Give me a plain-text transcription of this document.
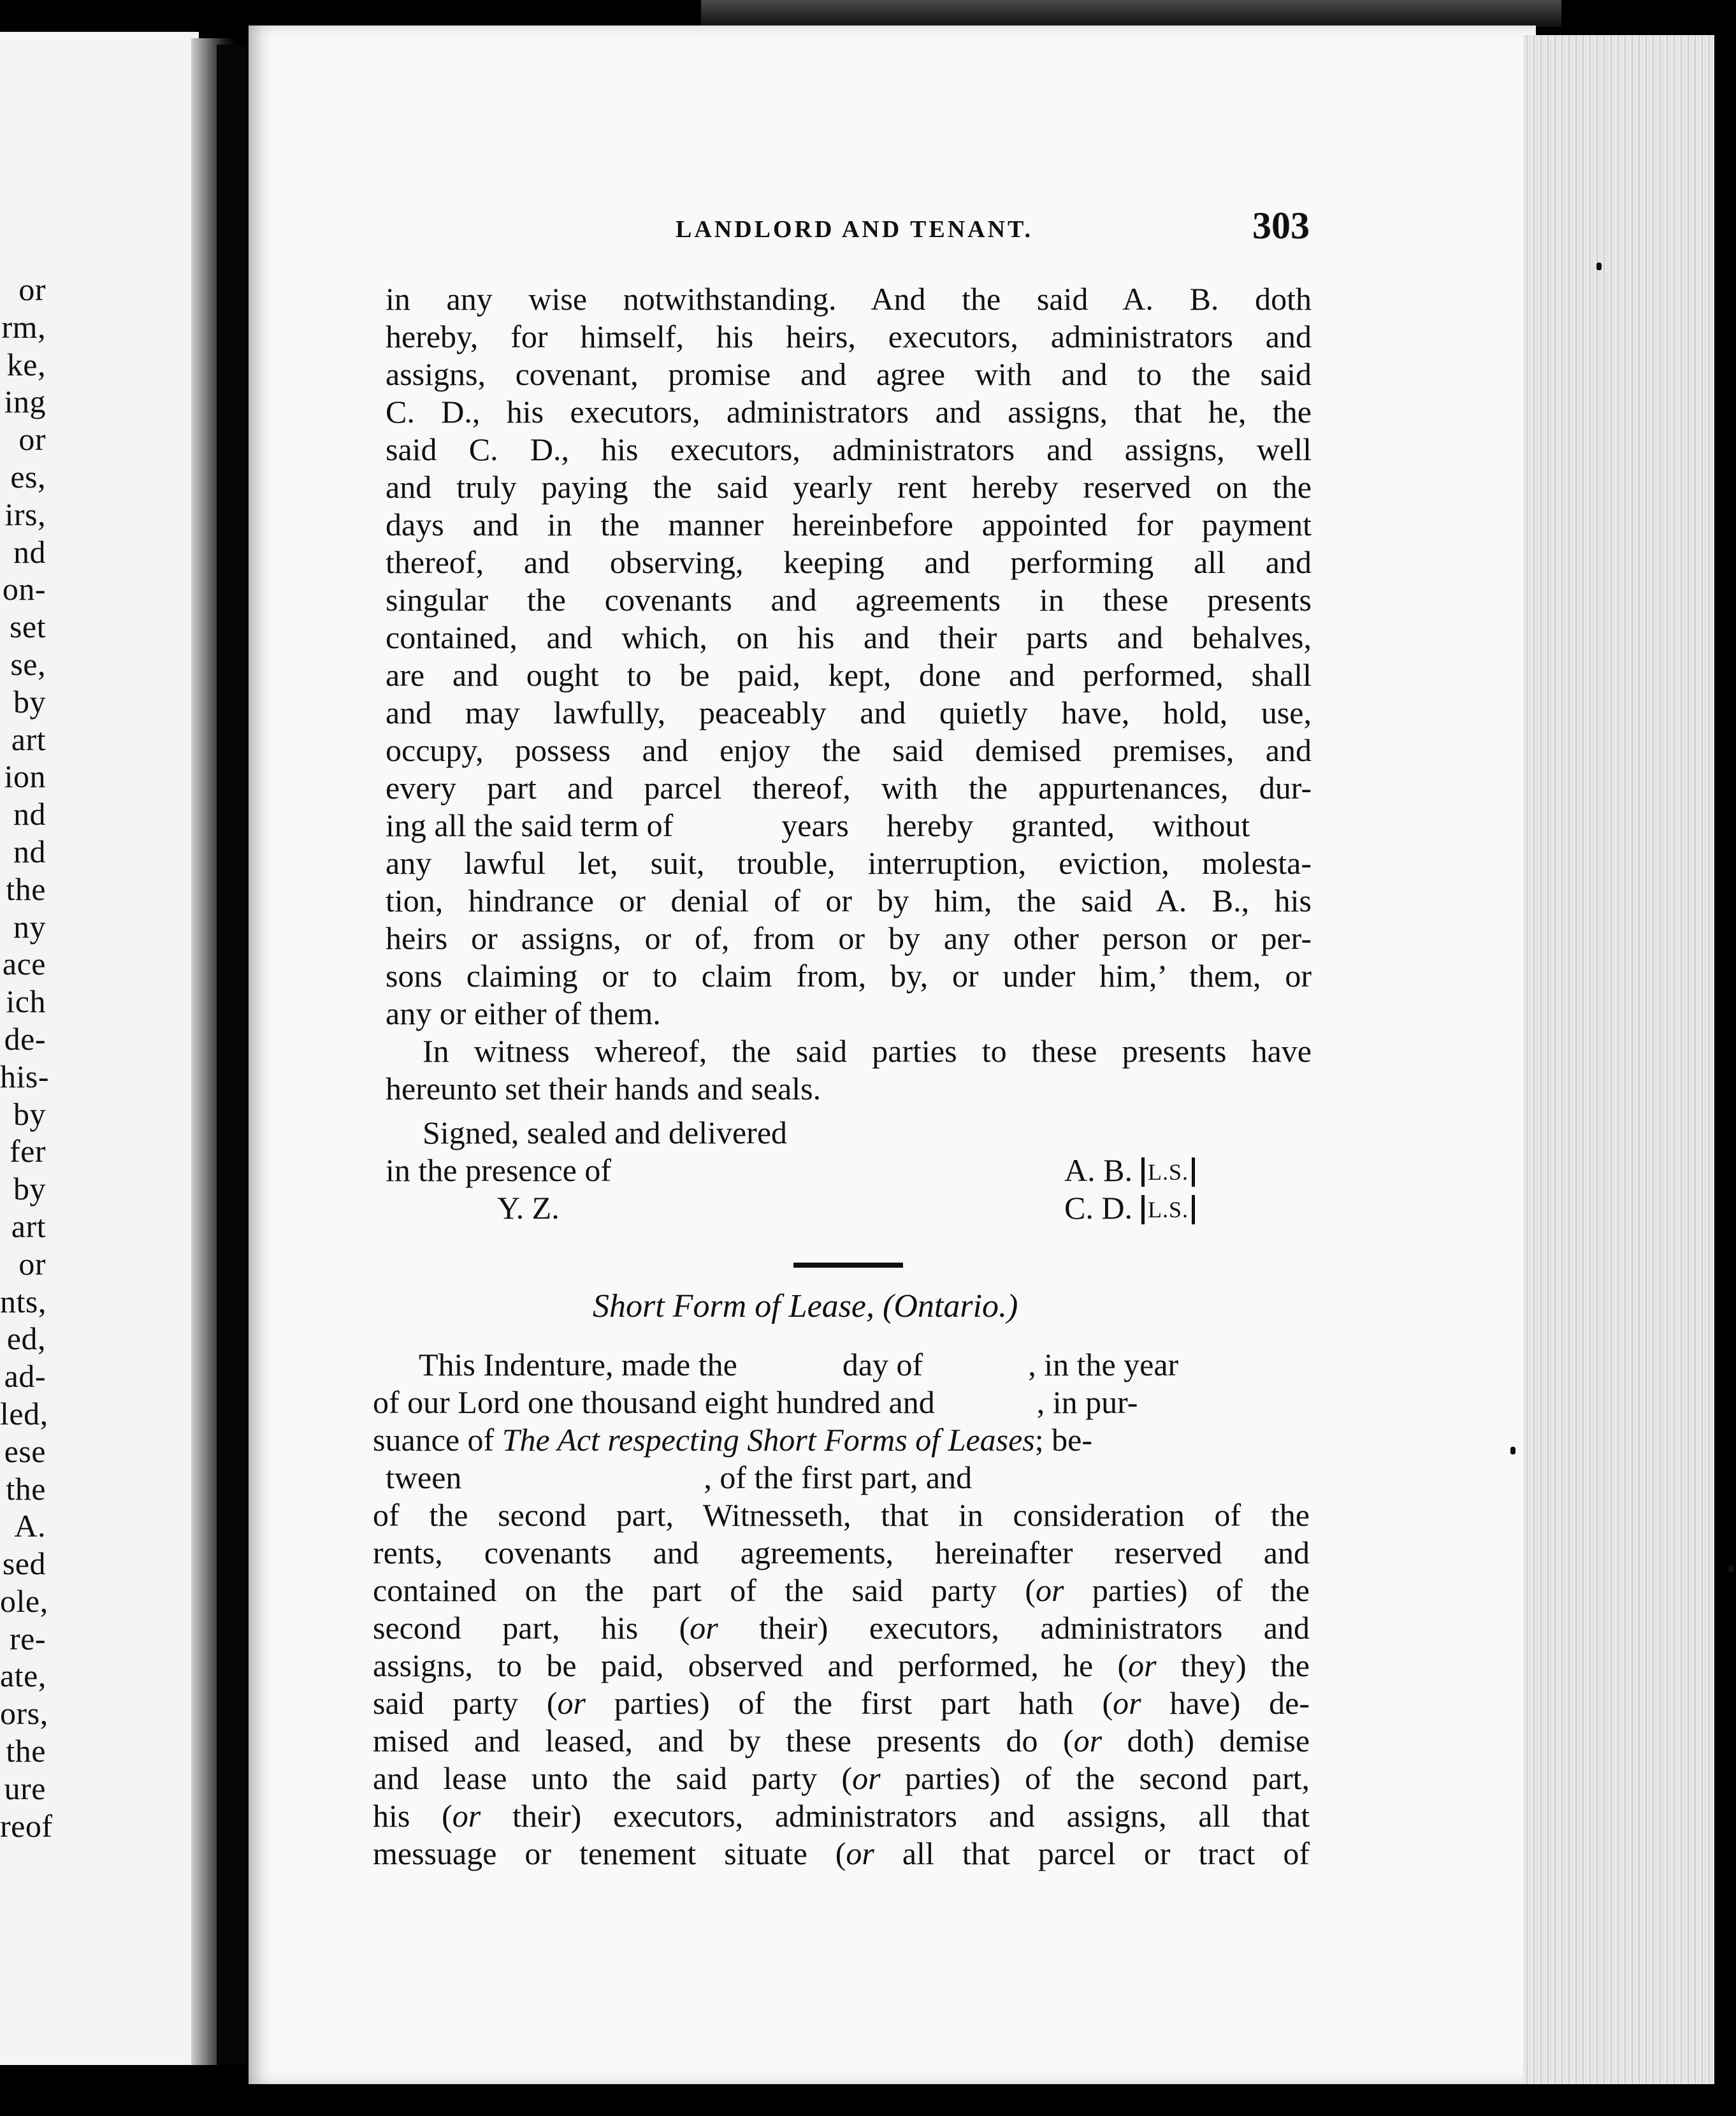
or
rm,
ke,
ing
or
es,
irs,
nd
on-
set
se,
by
art
ion
nd
nd
the
ny
ace
ich
de-
his-
by
fer
by
art
or
nts,
ed,
ad-
led,
ese
the
A.
sed
ole,
re-
ate,
ors,
the
ure
reof
LANDLORD AND TENANT.	303
in any wise notwithstanding. And the said A. B. doth
hereby, for himself, his heirs, executors, administrators and
assigns, covenant, promise and agree with and to the said
C. D., his executors, administrators and assigns, that he, the
said C. D., his executors, administrators and assigns, well
and truly paying the said yearly rent hereby reserved on the
days and in the manner hereinbefore appointed for payment
thereof, and observing, keeping and performing all and
singular the covenants and agreements in these presents
contained, and which, on his and their parts and behalves,
are and ought to be paid, kept, done and performed, shall
and may lawfully, peaceably and quietly have, hold, use,
occupy, possess and enjoy the said demised premises, and
every part and parcel thereof, with the appurtenances, dur-
ing all the said term of	years hereby granted, without
any lawful let, suit, trouble, interruption, eviction, molesta-
tion, hindrance or denial of or by him, the said A. B., his
heirs or assigns, or of, from or by any other person or per-
sons claiming or to claim from, by, or under him,’ them, or
any or either of them.
In witness whereof, the said parties to these presents have
hereunto set their hands and seals.
Signed, sealed and delivered
in the presence of	A. B. L.S.
Y. Z.	C. D. L.S.
Short Form of Lease, (Ontario.)
This Indenture, made the	day of	, in the year
of our Lord one thousand eight hundred and	, in pur-
suance of The Act respecting Short Forms of Leases; be-
tween	, of the first part, and
of the second part, Witnesseth, that in consideration of the
rents, covenants and agreements, hereinafter reserved and
contained on the part of the said party (or parties) of the
second part, his (or their) executors, administrators and
assigns, to be paid, observed and performed, he (or they) the
said party (or parties) of the first part hath (or have) de-
mised and leased, and by these presents do (or doth) demise
and lease unto the said party (or parties) of the second part,
his (or their) executors, administrators and assigns, all that
messuage or tenement situate (or all that parcel or tract of
